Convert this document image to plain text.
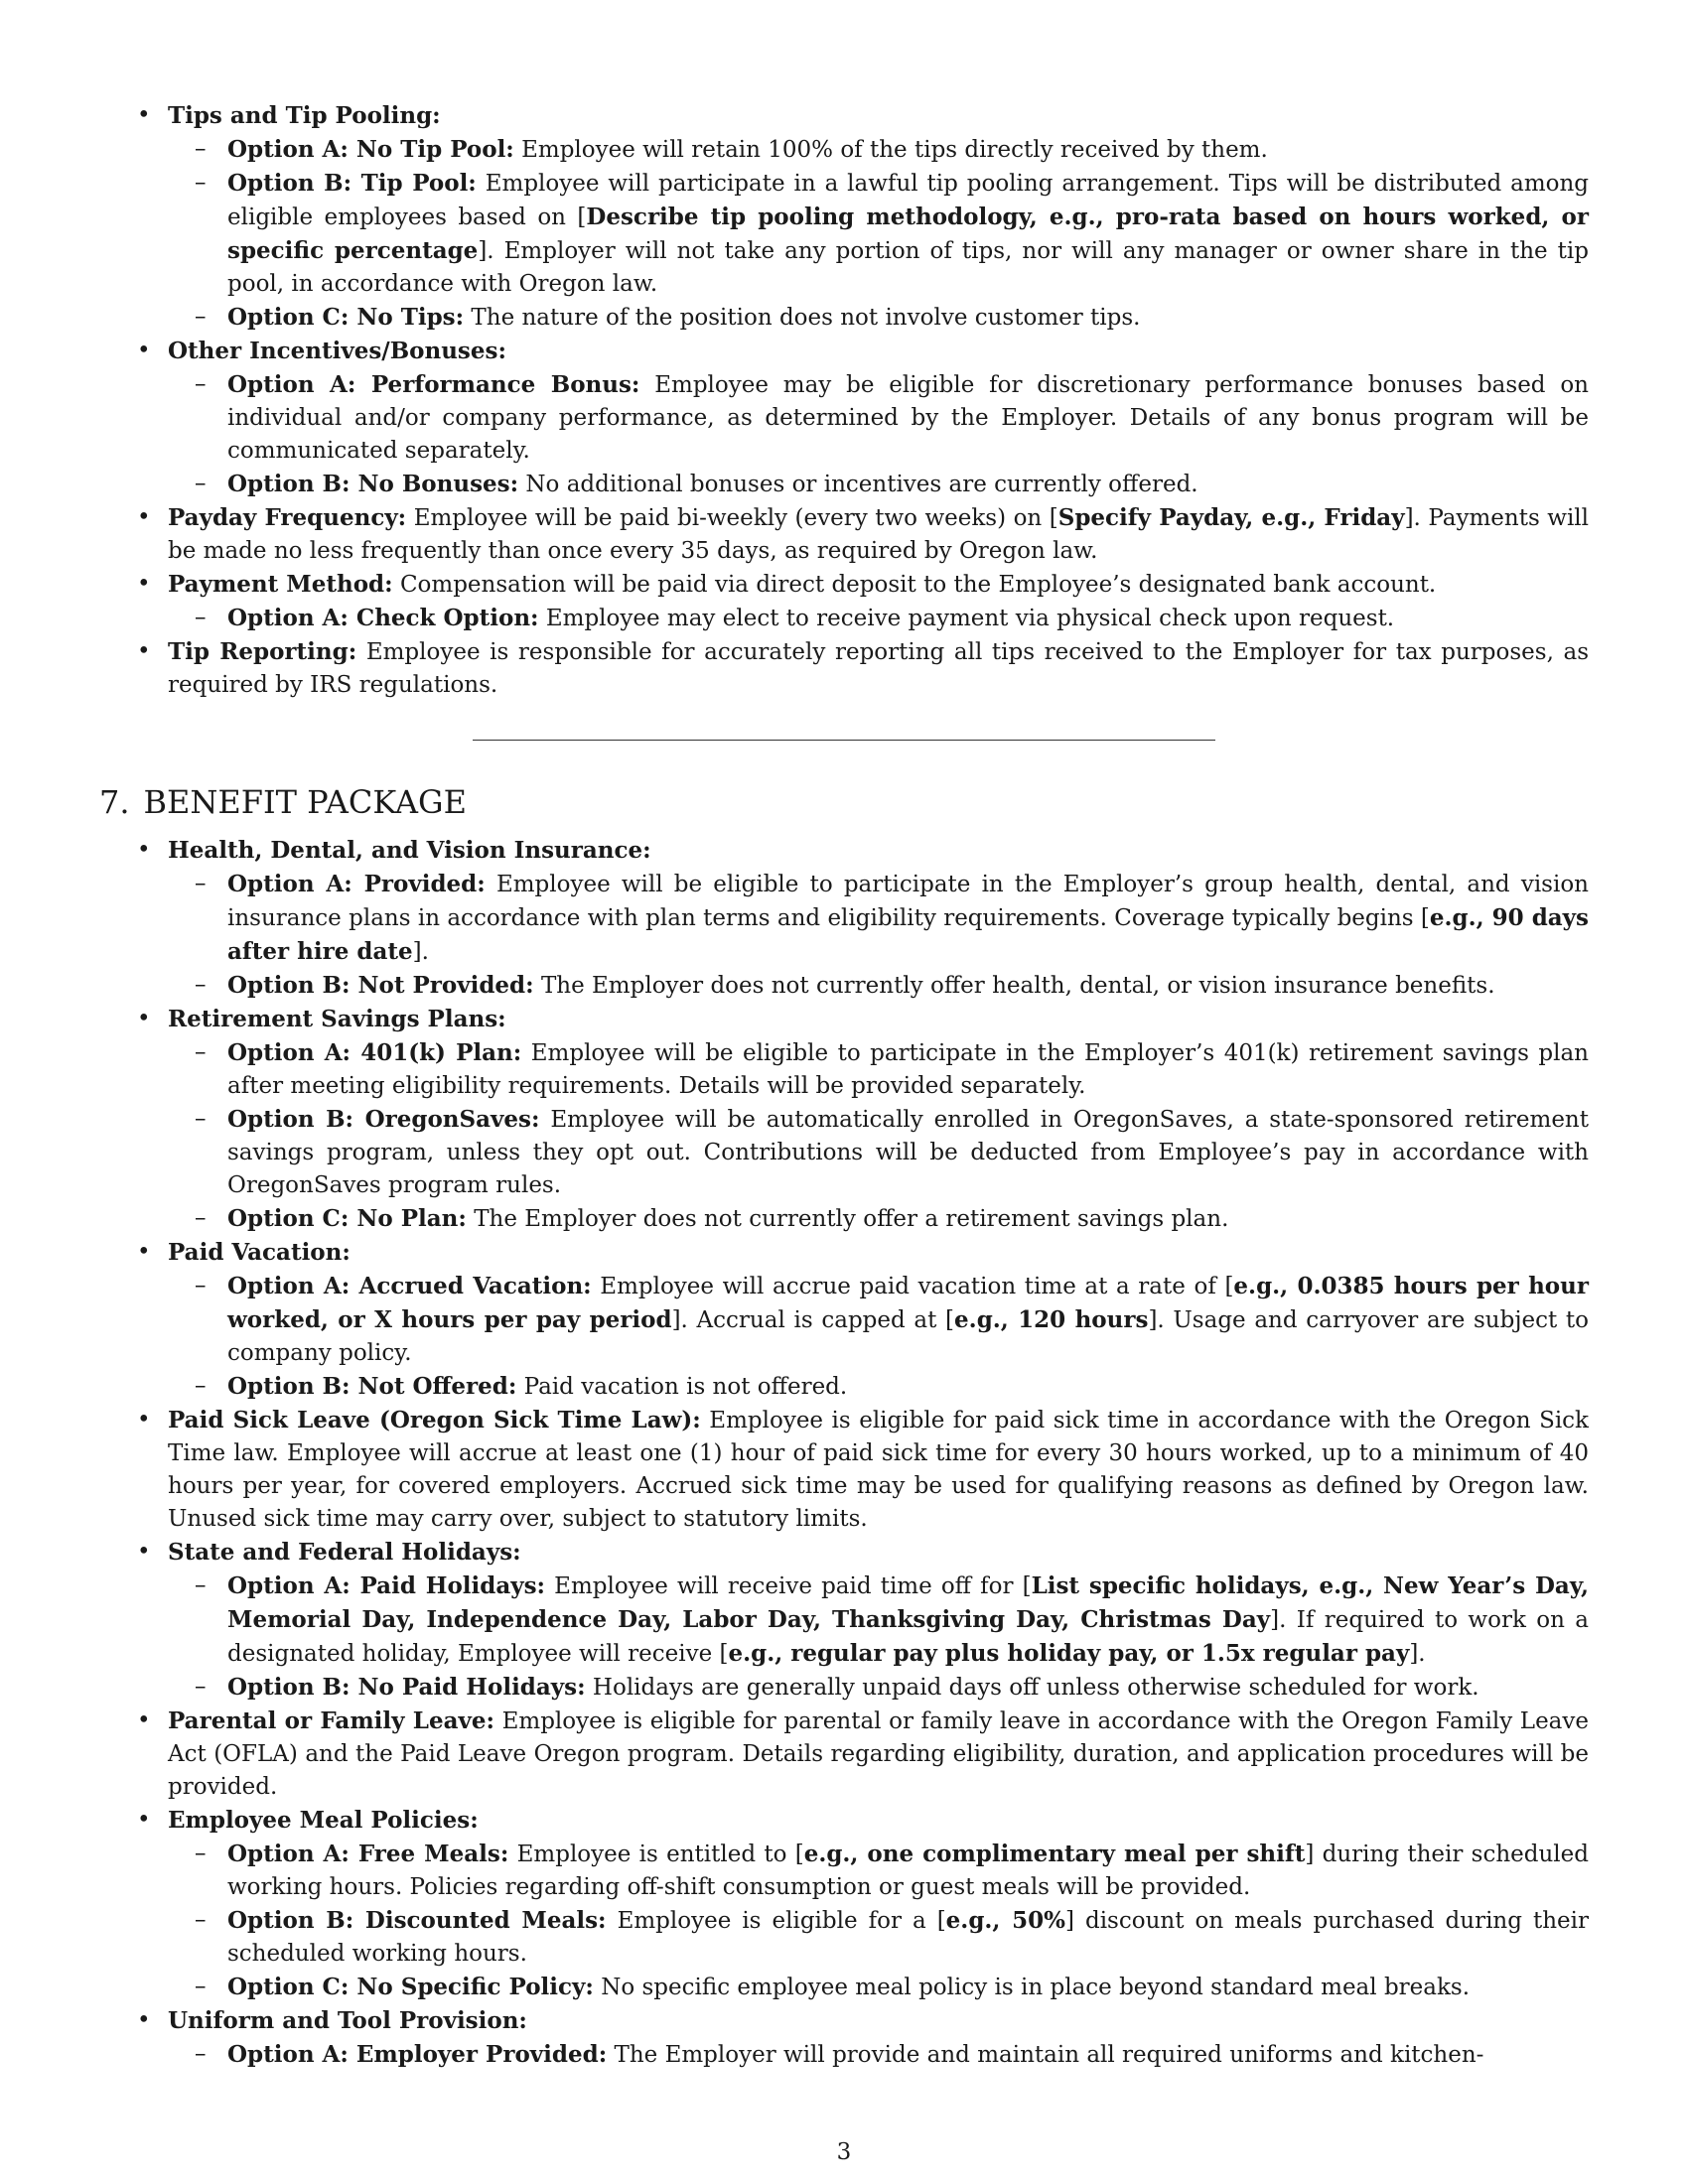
• Tips and Tip Pooling:
– Option A: No Tip Pool: Employee will retain 100% of the tips directly received by them.
– Option B: Tip Pool: Employee will participate in a lawful tip pooling arrangement. Tips will be distributed among eligible employees based on [Describe tip pooling methodology, e.g., pro-rata based on hours worked, or specific percentage]. Employer will not take any portion of tips, nor will any manager or owner share in the tip pool, in accordance with Oregon law.
– Option C: No Tips: The nature of the position does not involve customer tips.
• Other Incentives/Bonuses:
– Option A: Performance Bonus: Employee may be eligible for discretionary performance bonuses based on individual and/or company performance, as determined by the Employer. Details of any bonus program will be communicated separately.
– Option B: No Bonuses: No additional bonuses or incentives are currently offered.
• Payday Frequency: Employee will be paid bi-weekly (every two weeks) on [Specify Payday, e.g., Friday]. Payments will be made no less frequently than once every 35 days, as required by Oregon law.
• Payment Method: Compensation will be paid via direct deposit to the Employee’s designated bank account.
– Option A: Check Option: Employee may elect to receive payment via physical check upon request.
• Tip Reporting: Employee is responsible for accurately reporting all tips received to the Employer for tax purposes, as required by IRS regulations.
7. BENEFIT PACKAGE
• Health, Dental, and Vision Insurance:
– Option A: Provided: Employee will be eligible to participate in the Employer’s group health, dental, and vision insurance plans in accordance with plan terms and eligibility requirements. Coverage typically begins [e.g., 90 days after hire date].
– Option B: Not Provided: The Employer does not currently offer health, dental, or vision insurance benefits.
• Retirement Savings Plans:
– Option A: 401(k) Plan: Employee will be eligible to participate in the Employer’s 401(k) retirement savings plan after meeting eligibility requirements. Details will be provided separately.
– Option B: OregonSaves: Employee will be automatically enrolled in OregonSaves, a state-sponsored retirement savings program, unless they opt out. Contributions will be deducted from Employee’s pay in accordance with OregonSaves program rules.
– Option C: No Plan: The Employer does not currently offer a retirement savings plan.
• Paid Vacation:
– Option A: Accrued Vacation: Employee will accrue paid vacation time at a rate of [e.g., 0.0385 hours per hour worked, or X hours per pay period]. Accrual is capped at [e.g., 120 hours]. Usage and carryover are subject to company policy.
– Option B: Not Offered: Paid vacation is not offered.
• Paid Sick Leave (Oregon Sick Time Law): Employee is eligible for paid sick time in accordance with the Oregon Sick Time law. Employee will accrue at least one (1) hour of paid sick time for every 30 hours worked, up to a minimum of 40 hours per year, for covered employers. Accrued sick time may be used for qualifying reasons as defined by Oregon law. Unused sick time may carry over, subject to statutory limits.
• State and Federal Holidays:
– Option A: Paid Holidays: Employee will receive paid time off for [List specific holidays, e.g., New Year’s Day, Memorial Day, Independence Day, Labor Day, Thanksgiving Day, Christmas Day]. If required to work on a designated holiday, Employee will receive [e.g., regular pay plus holiday pay, or 1.5x regular pay].
– Option B: No Paid Holidays: Holidays are generally unpaid days off unless otherwise scheduled for work.
• Parental or Family Leave: Employee is eligible for parental or family leave in accordance with the Oregon Family Leave Act (OFLA) and the Paid Leave Oregon program. Details regarding eligibility, duration, and application procedures will be provided.
• Employee Meal Policies:
– Option A: Free Meals: Employee is entitled to [e.g., one complimentary meal per shift] during their scheduled working hours. Policies regarding off-shift consumption or guest meals will be provided.
– Option B: Discounted Meals: Employee is eligible for a [e.g., 50%] discount on meals purchased during their scheduled working hours.
– Option C: No Specific Policy: No specific employee meal policy is in place beyond standard meal breaks.
• Uniform and Tool Provision:
– Option A: Employer Provided: The Employer will provide and maintain all required uniforms and kitchen-
3
